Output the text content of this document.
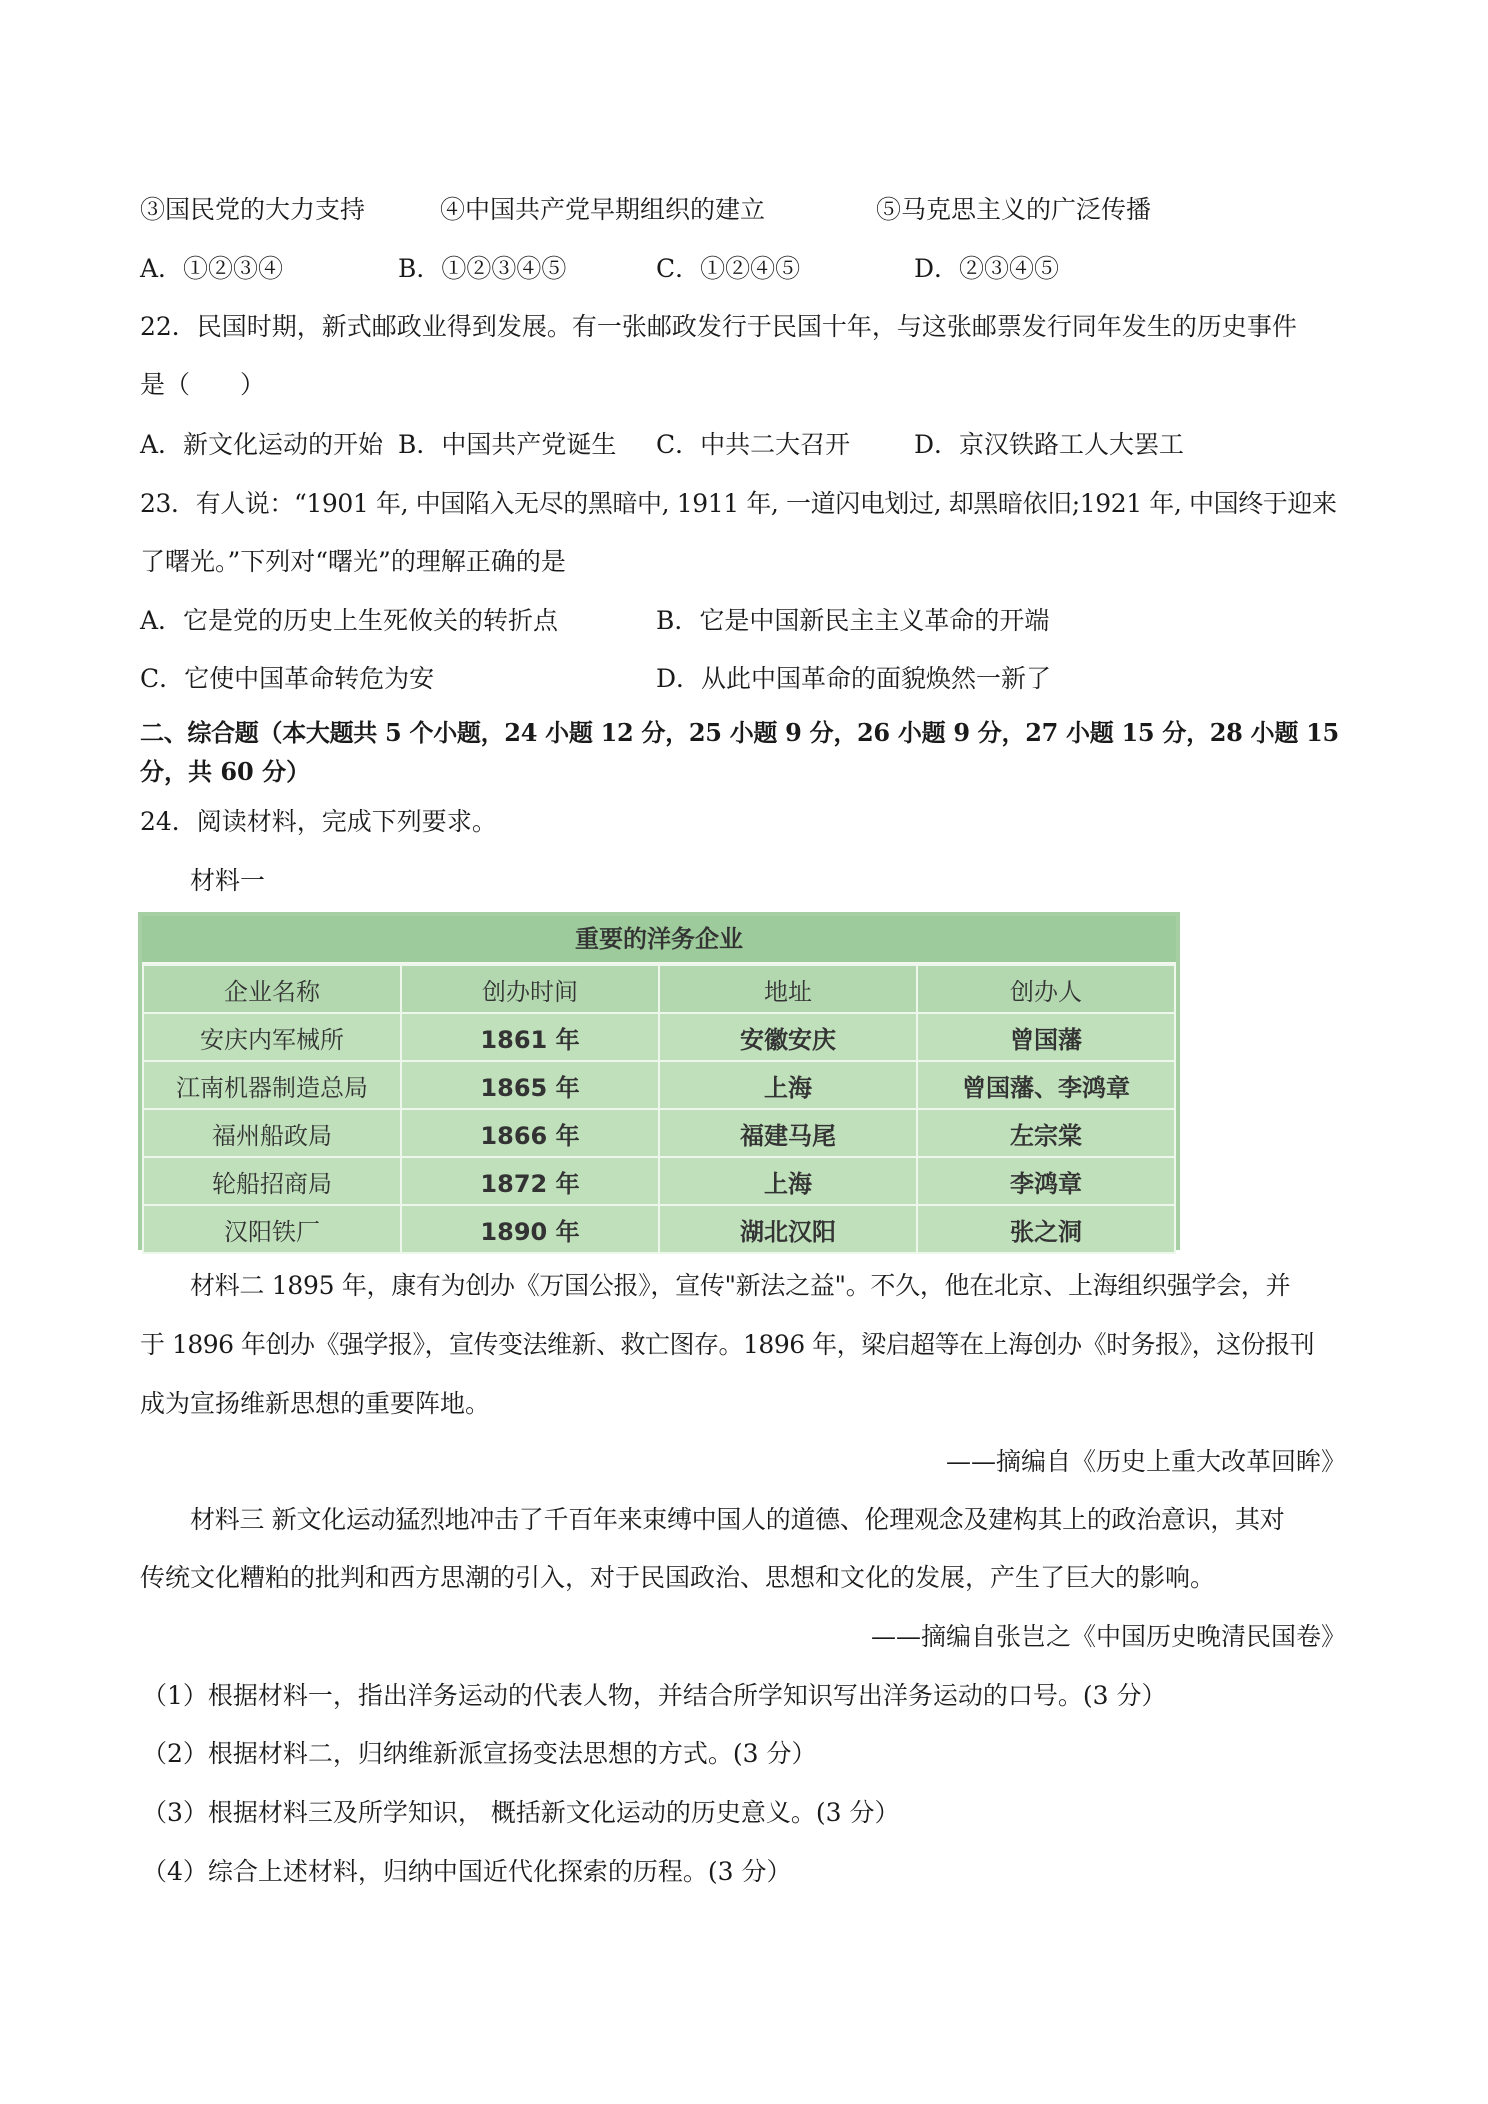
③国民党的大力支持	④中国共产党早期组织的建立	⑤马克思主义的广泛传播
A．①②③④	B．①②③④⑤	C．①②④⑤	D．②③④⑤
22．民国时期，新式邮政业得到发展。有一张邮政发行于民国十年，与这张邮票发行同年发生的历史事件
是（　　）
A．新文化运动的开始 B．中国共产党诞生 C．中共二大召开	D．京汉铁路工人大罢工
23．有人说：“1901 年, 中国陷入无尽的黑暗中, 1911 年, 一道闪电划过, 却黑暗依旧;1921 年, 中国终于迎来
了曙光。”下列对“曙光”的理解正确的是
A．它是党的历史上生死攸关的转折点	B．它是中国新民主主义革命的开端
C．它使中国革命转危为安	D．从此中国革命的面貌焕然一新了
二、综合题（本大题共 5 个小题，24 小题 12 分，25 小题 9 分，26 小题 9 分，27 小题 15 分，28 小题 15
分，共 60 分）
24．阅读材料，完成下列要求。
材料一
重要的洋务企业
企业名称	创办时间	地址	创办人
安庆内军械所	1861 年	安徽安庆	曾国藩
江南机器制造总局	1865 年	上海	曾国藩、李鸿章
福州船政局	1866 年	福建马尾	左宗棠
轮船招商局	1872 年	上海	李鸿章
汉阳铁厂	1890 年	湖北汉阳	张之洞
材料二 1895 年，康有为创办《万国公报》，宣传"新法之益"。不久，他在北京、上海组织强学会，并
于 1896 年创办《强学报》，宣传变法维新、救亡图存。1896 年，梁启超等在上海创办《时务报》，这份报刊
成为宣扬维新思想的重要阵地。
——摘编自《历史上重大改革回眸》
材料三 新文化运动猛烈地冲击了千百年来束缚中国人的道德、伦理观念及建构其上的政治意识，其对
传统文化糟粕的批判和西方思潮的引入，对于民国政治、思想和文化的发展，产生了巨大的影响。
——摘编自张岂之《中国历史晚清民国卷》
（1）根据材料一，指出洋务运动的代表人物，并结合所学知识写出洋务运动的口号。(3 分）
（2）根据材料二，归纳维新派宣扬变法思想的方式。(3 分）
（3）根据材料三及所学知识， 概括新文化运动的历史意义。(3 分）
（4）综合上述材料，归纳中国近代化探索的历程。(3 分）
